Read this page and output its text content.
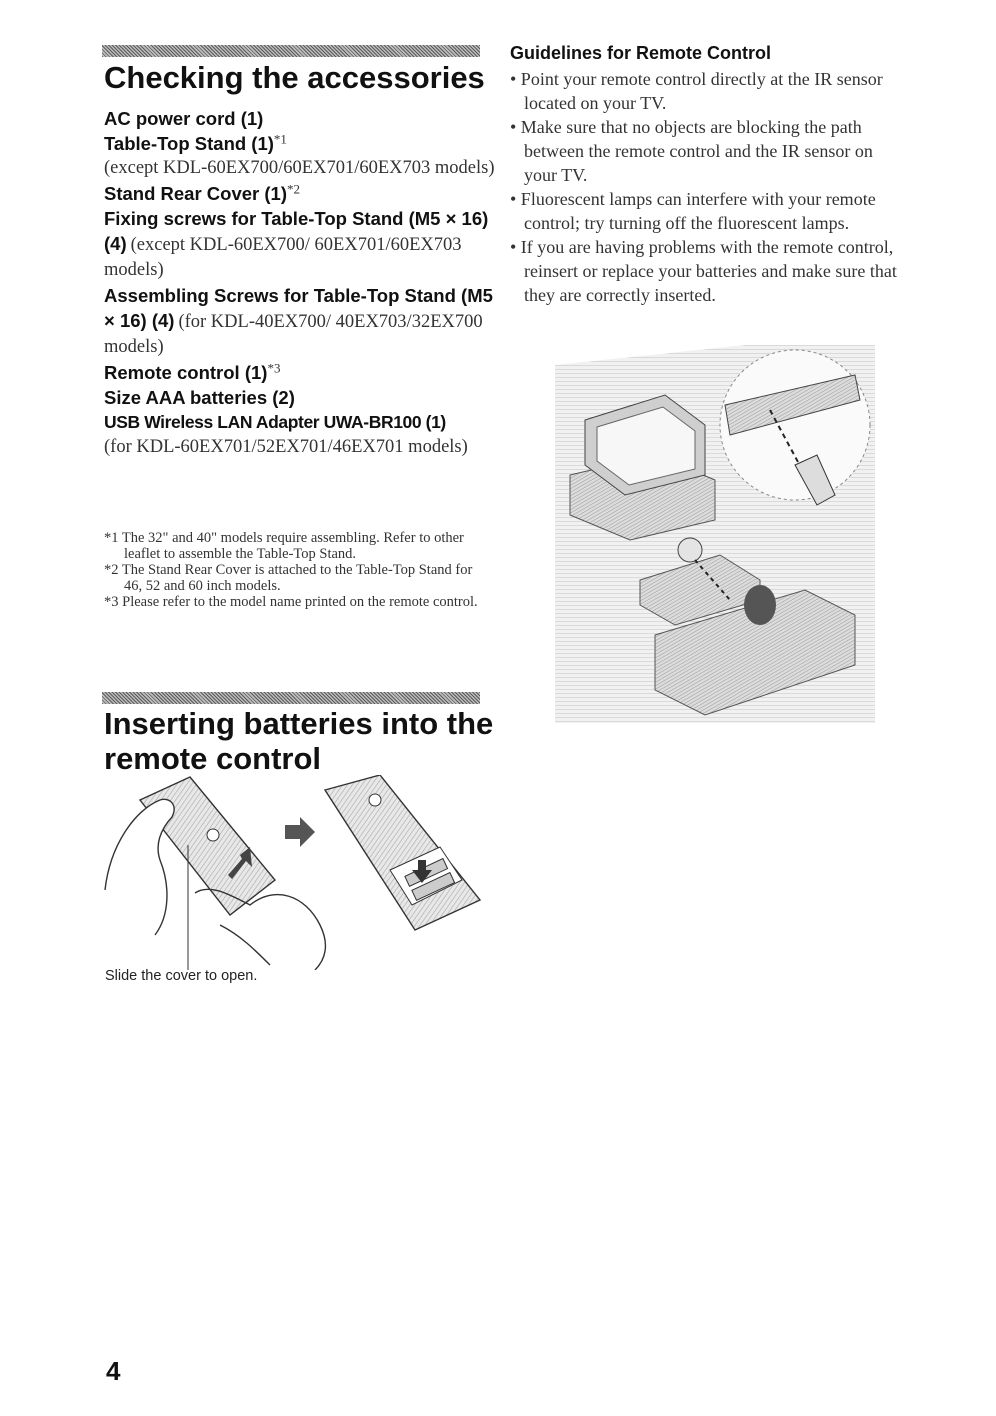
Checking the accessories

AC power cord (1)

Table-Top Stand $(1)^{*1}$
(except KDL-60EX700/60EX701/60EX703 models)

Stand Rear Cover $(1)^{*2}$

Fixing screws for Table-Top Stand (M5 × 16) (4) (except KDL-60EX700/ 60EX701/60EX703 models)

Assembling Screws for Table-Top Stand (M5 × 16) (4) (for KDL-40EX700/ 40EX703/32EX700 models)

Remote control $(1)^{*3}$

Size AAA batteries (2)

USB Wireless LAN Adapter UWA-BR100 (1)
(for KDL-60EX701/52EX701/46EX701 models)

*1 The 32" and 40" models require assembling. Refer to other leaflet to assemble the Table-Top Stand.

*2 The Stand Rear Cover is attached to the Table-Top Stand for 46, 52 and 60 inch models.

*3 Please refer to the model name printed on the remote control.

Inserting batteries into the remote control
Slide the cover to open.

Guidelines for Remote Control

• Point your remote control directly at the IR sensor located on your TV.
• Make sure that no objects are blocking the path between the remote control and the IR sensor on your TV.
• Fluorescent lamps can interfere with your remote control; try turning off the fluorescent lamps.
• If you are having problems with the remote control, reinsert or replace your batteries and make sure that they are correctly inserted.
4
